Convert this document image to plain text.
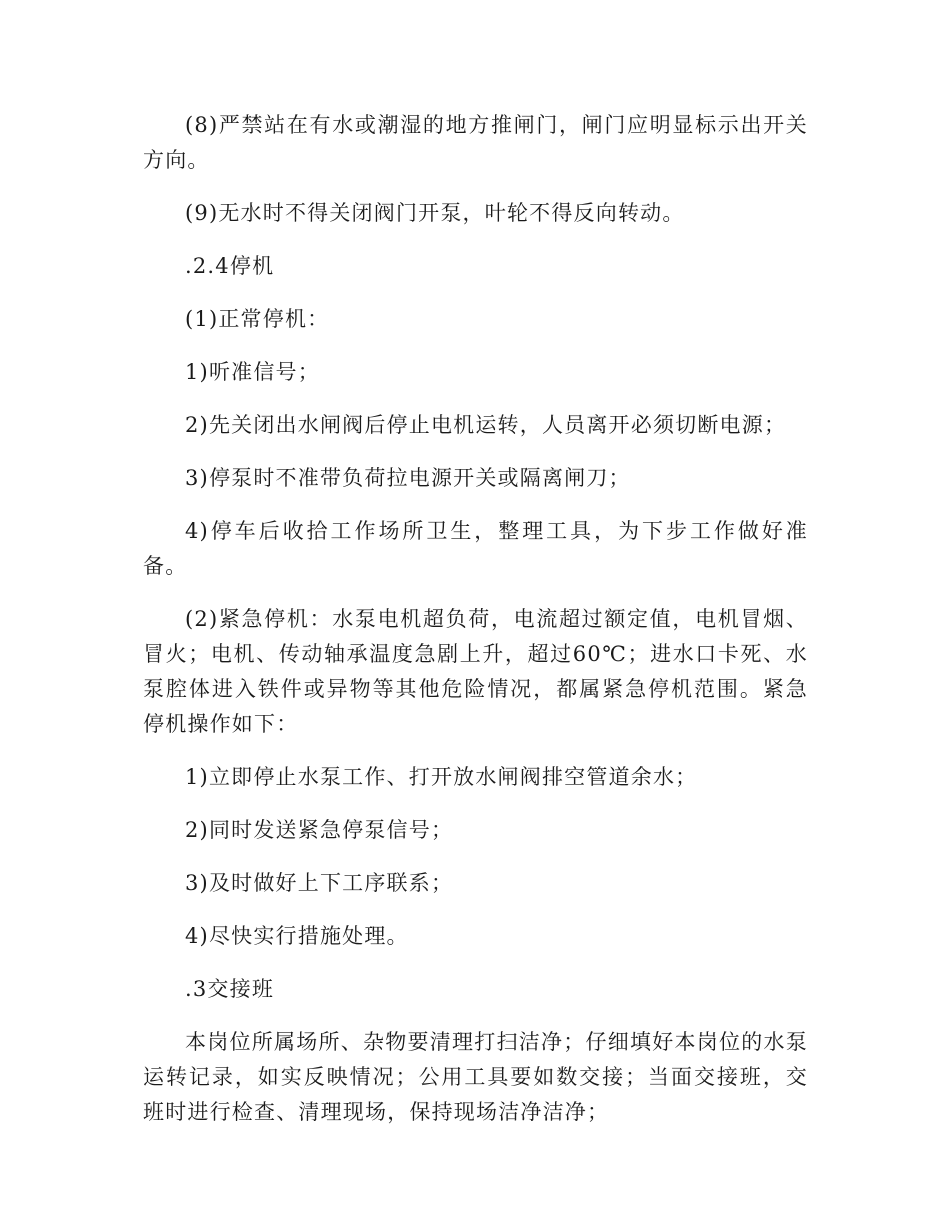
(8)严禁站在有水或潮湿的地方推闸门，闸门应明显标示出开关方向。

(9)无水时不得关闭阀门开泵，叶轮不得反向转动。

.2.4停机

(1)正常停机：

1)听准信号；

2)先关闭出水闸阀后停止电机运转，人员离开必须切断电源；

3)停泵时不准带负荷拉电源开关或隔离闸刀；

4)停车后收拾工作场所卫生，整理工具，为下步工作做好准备。

(2)紧急停机：水泵电机超负荷，电流超过额定值，电机冒烟、冒火；电机、传动轴承温度急剧上升，超过60℃；进水口卡死、水泵腔体进入铁件或异物等其他危险情况，都属紧急停机范围。紧急停机操作如下：

1)立即停止水泵工作、打开放水闸阀排空管道余水；

2)同时发送紧急停泵信号；

3)及时做好上下工序联系；

4)尽快实行措施处理。

.3交接班

本岗位所属场所、杂物要清理打扫洁净；仔细填好本岗位的水泵运转记录，如实反映情况；公用工具要如数交接；当面交接班，交班时进行检查、清理现场，保持现场洁净洁净；
